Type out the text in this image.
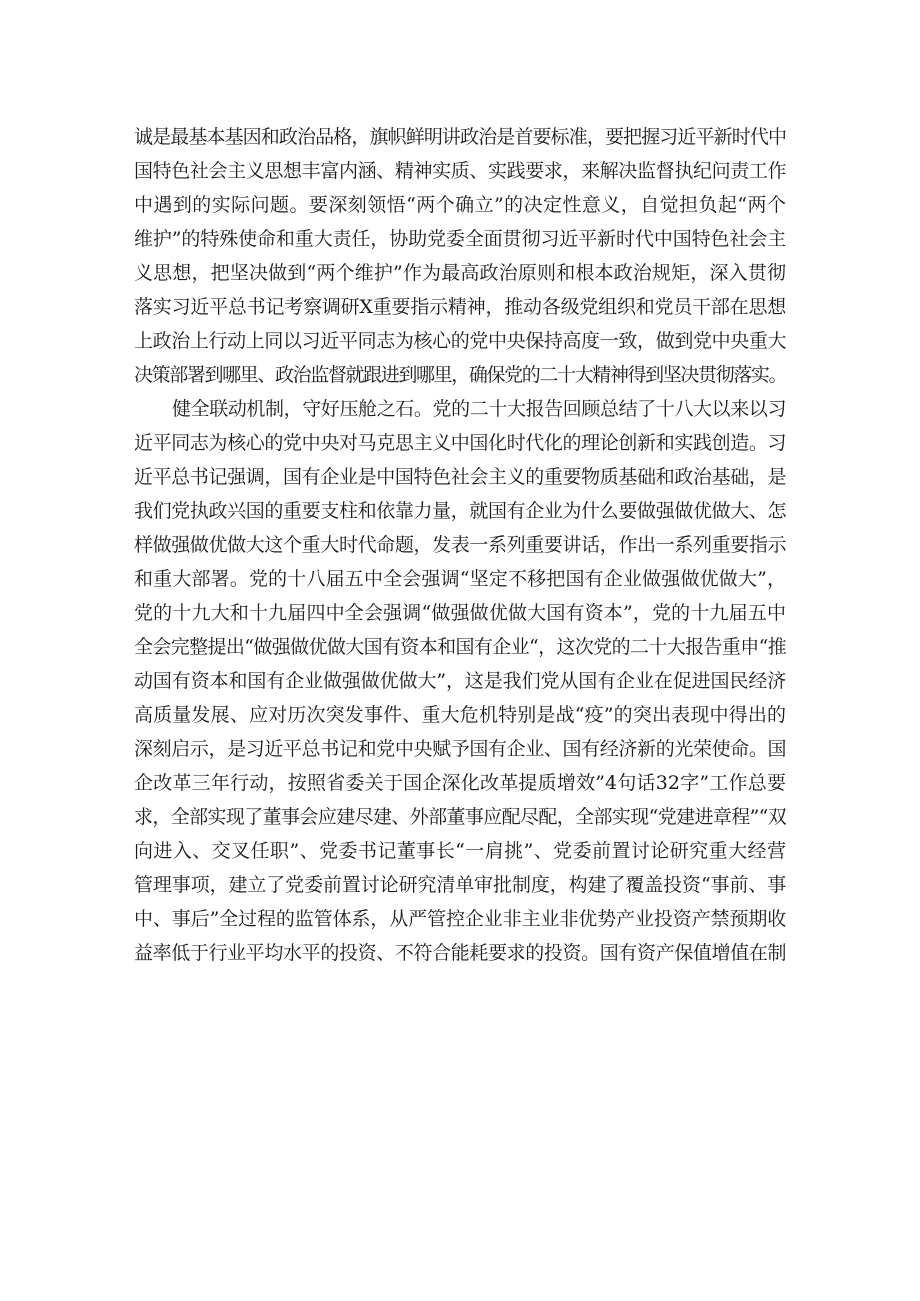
诚是最基本基因和政治品格，旗帜鲜明讲政治是首要标准，要把握习近平新时代中
国特色社会主义思想丰富内涵、精神实质、实践要求，来解决监督执纪问责工作
中遇到的实际问题。要深刻领悟“两个确立”的决定性意义，自觉担负起“两个
维护”的特殊使命和重大责任，协助党委全面贯彻习近平新时代中国特色社会主
义思想，把坚决做到“两个维护”作为最高政治原则和根本政治规矩，深入贯彻
落实习近平总书记考察调研X重要指示精神，推动各级党组织和党员干部在思想
上政治上行动上同以习近平同志为核心的党中央保持高度一致，做到党中央重大
决策部署到哪里、政治监督就跟进到哪里，确保党的二十大精神得到坚决贯彻落实。
健全联动机制，守好压舱之石。党的二十大报告回顾总结了十八大以来以习
近平同志为核心的党中央对马克思主义中国化时代化的理论创新和实践创造。习
近平总书记强调，国有企业是中国特色社会主义的重要物质基础和政治基础，是
我们党执政兴国的重要支柱和依靠力量，就国有企业为什么要做强做优做大、怎
样做强做优做大这个重大时代命题，发表一系列重要讲话，作出一系列重要指示
和重大部署。党的十八届五中全会强调“坚定不移把国有企业做强做优做大”，
党的十九大和十九届四中全会强调“做强做优做大国有资本”，党的十九届五中
全会完整提出“做强做优做大国有资本和国有企业“，这次党的二十大报告重申“推
动国有资本和国有企业做强做优做大”，这是我们党从国有企业在促进国民经济
高质量发展、应对历次突发事件、重大危机特别是战“疫”的突出表现中得出的
深刻启示，是习近平总书记和党中央赋予国有企业、国有经济新的光荣使命。国
企改革三年行动，按照省委关于国企深化改革提质增效”4句话32字”工作总要
求，全部实现了董事会应建尽建、外部董事应配尽配，全部实现“党建进章程”“双
向进入、交叉任职”、党委书记董事长“一肩挑”、党委前置讨论研究重大经营
管理事项，建立了党委前置讨论研究清单审批制度，构建了覆盖投资“事前、事
中、事后”全过程的监管体系，从严管控企业非主业非优势产业投资产禁预期收
益率低于行业平均水平的投资、不符合能耗要求的投资。国有资产保值增值在制
